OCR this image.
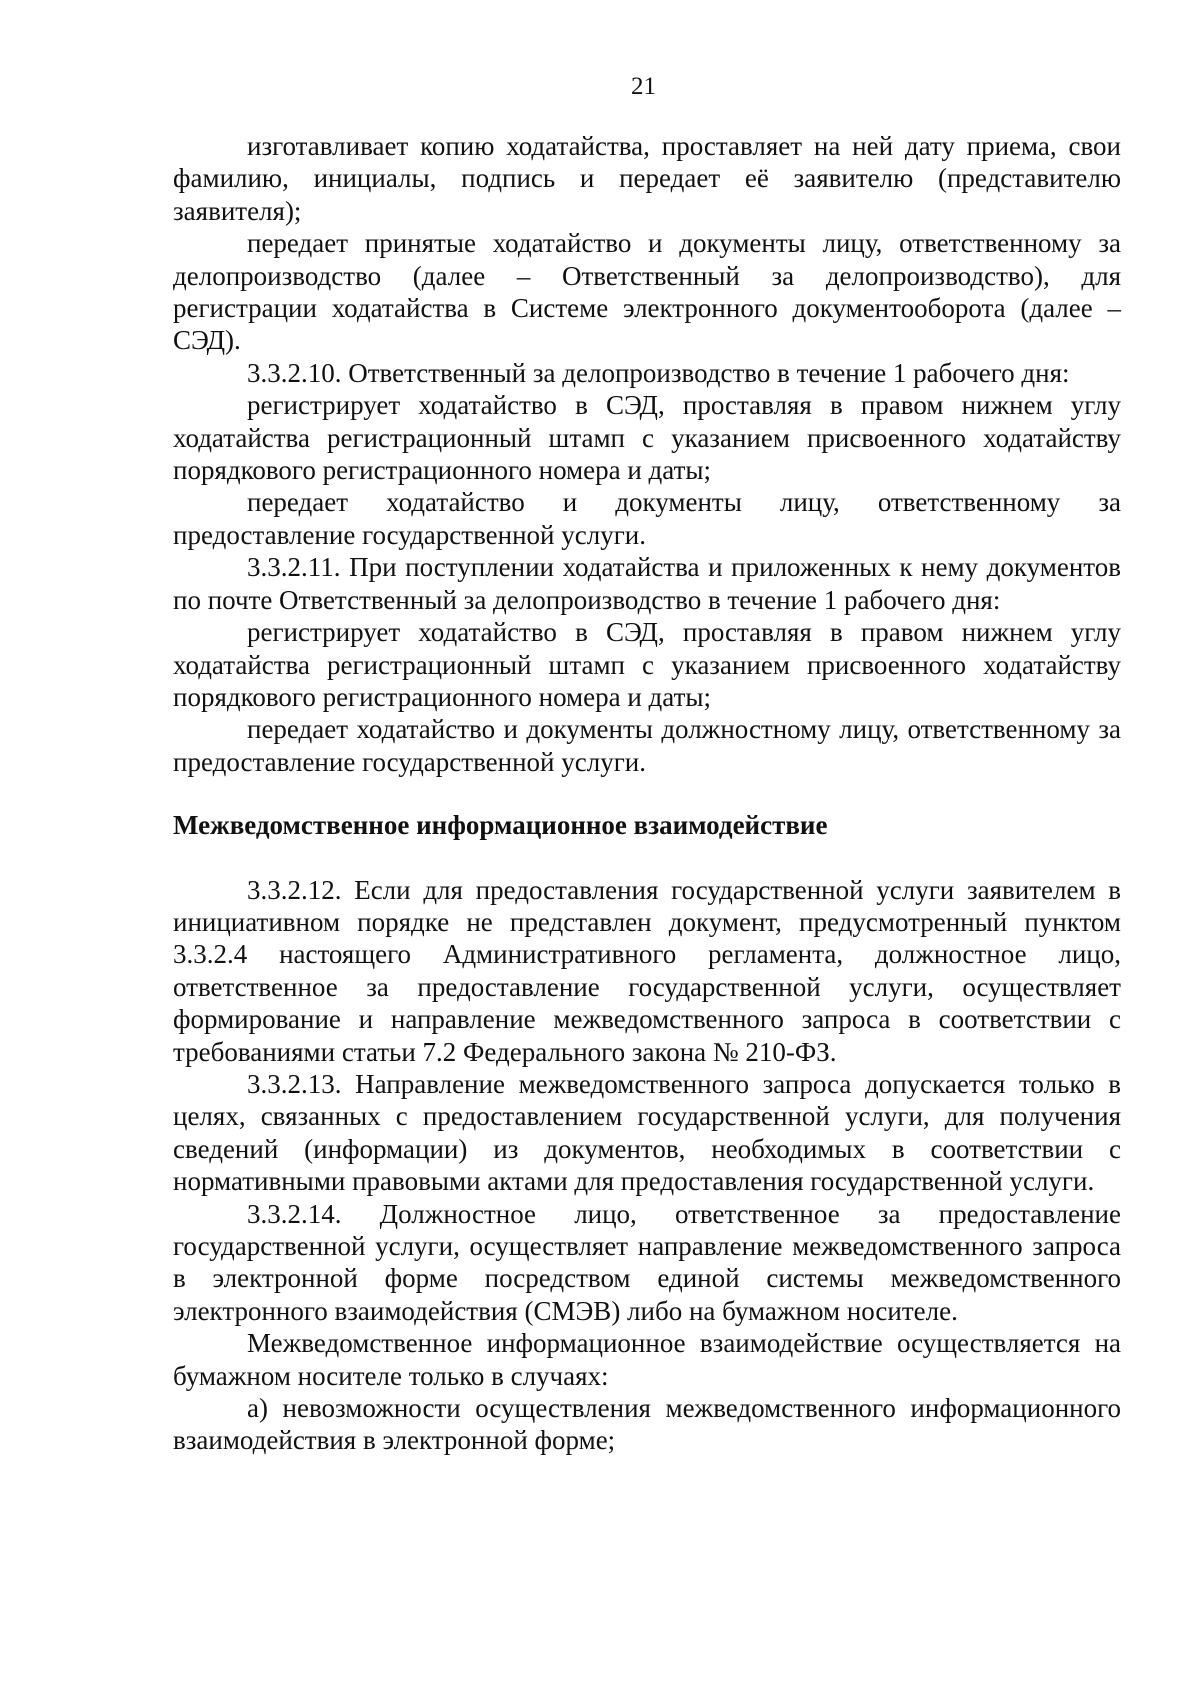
21

изготавливает копию ходатайства, проставляет на ней дату приема, свои фамилию, инициалы, подпись и передает её заявителю (представителю заявителя);

передает принятые ходатайство и документы лицу, ответственному за делопроизводство (далее – Ответственный за делопроизводство), для регистрации ходатайства в Системе электронного документооборота (далее – СЭД).

3.3.2.10. Ответственный за делопроизводство в течение 1 рабочего дня:

регистрирует ходатайство в СЭД, проставляя в правом нижнем углу ходатайства регистрационный штамп с указанием присвоенного ходатайству порядкового регистрационного номера и даты;

передает ходатайство и документы лицу, ответственному за предоставление государственной услуги.

3.3.2.11. При поступлении ходатайства и приложенных к нему документов по почте Ответственный за делопроизводство в течение 1 рабочего дня:

регистрирует ходатайство в СЭД, проставляя в правом нижнем углу ходатайства регистрационный штамп с указанием присвоенного ходатайству порядкового регистрационного номера и даты;

передает ходатайство и документы должностному лицу, ответственному за предоставление государственной услуги.

Межведомственное информационное взаимодействие

3.3.2.12. Если для предоставления государственной услуги заявителем в инициативном порядке не представлен документ, предусмотренный пунктом 3.3.2.4 настоящего Административного регламента, должностное лицо, ответственное за предоставление государственной услуги, осуществляет формирование и направление межведомственного запроса в соответствии с требованиями статьи 7.2 Федерального закона № 210-ФЗ.

3.3.2.13. Направление межведомственного запроса допускается только в целях, связанных с предоставлением государственной услуги, для получения сведений (информации) из документов, необходимых в соответствии с нормативными правовыми актами для предоставления государственной услуги.

3.3.2.14. Должностное лицо, ответственное за предоставление государственной услуги, осуществляет направление межведомственного запроса в электронной форме посредством единой системы межведомственного электронного взаимодействия (СМЭВ) либо на бумажном носителе.

Межведомственное информационное взаимодействие осуществляется на бумажном носителе только в случаях:

а) невозможности осуществления межведомственного информационного взаимодействия в электронной форме;
